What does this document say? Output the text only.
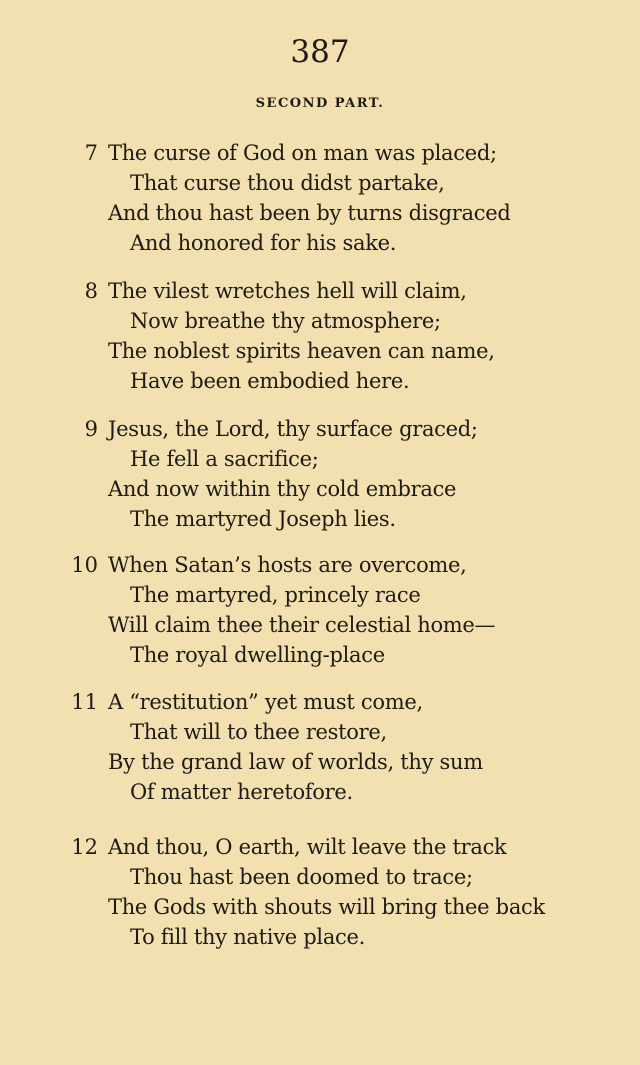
387
SECOND PART.
7 The curse of God on man was placed;
That curse thou didst partake,
And thou hast been by turns disgraced
And honored for his sake.
8 The vilest wretches hell will claim,
Now breathe thy atmosphere;
The noblest spirits heaven can name,
Have been embodied here.
9 Jesus, the Lord, thy surface graced;
He fell a sacrifice;
And now within thy cold embrace
The martyred Joseph lies.
10 When Satan’s hosts are overcome,
The martyred, princely race
Will claim thee their celestial home—
The royal dwelling-place
11 A “restitution” yet must come,
That will to thee restore,
By the grand law of worlds, thy sum
Of matter heretofore.
12 And thou, O earth, wilt leave the track
Thou hast been doomed to trace;
The Gods with shouts will bring thee back
To fill thy native place.
